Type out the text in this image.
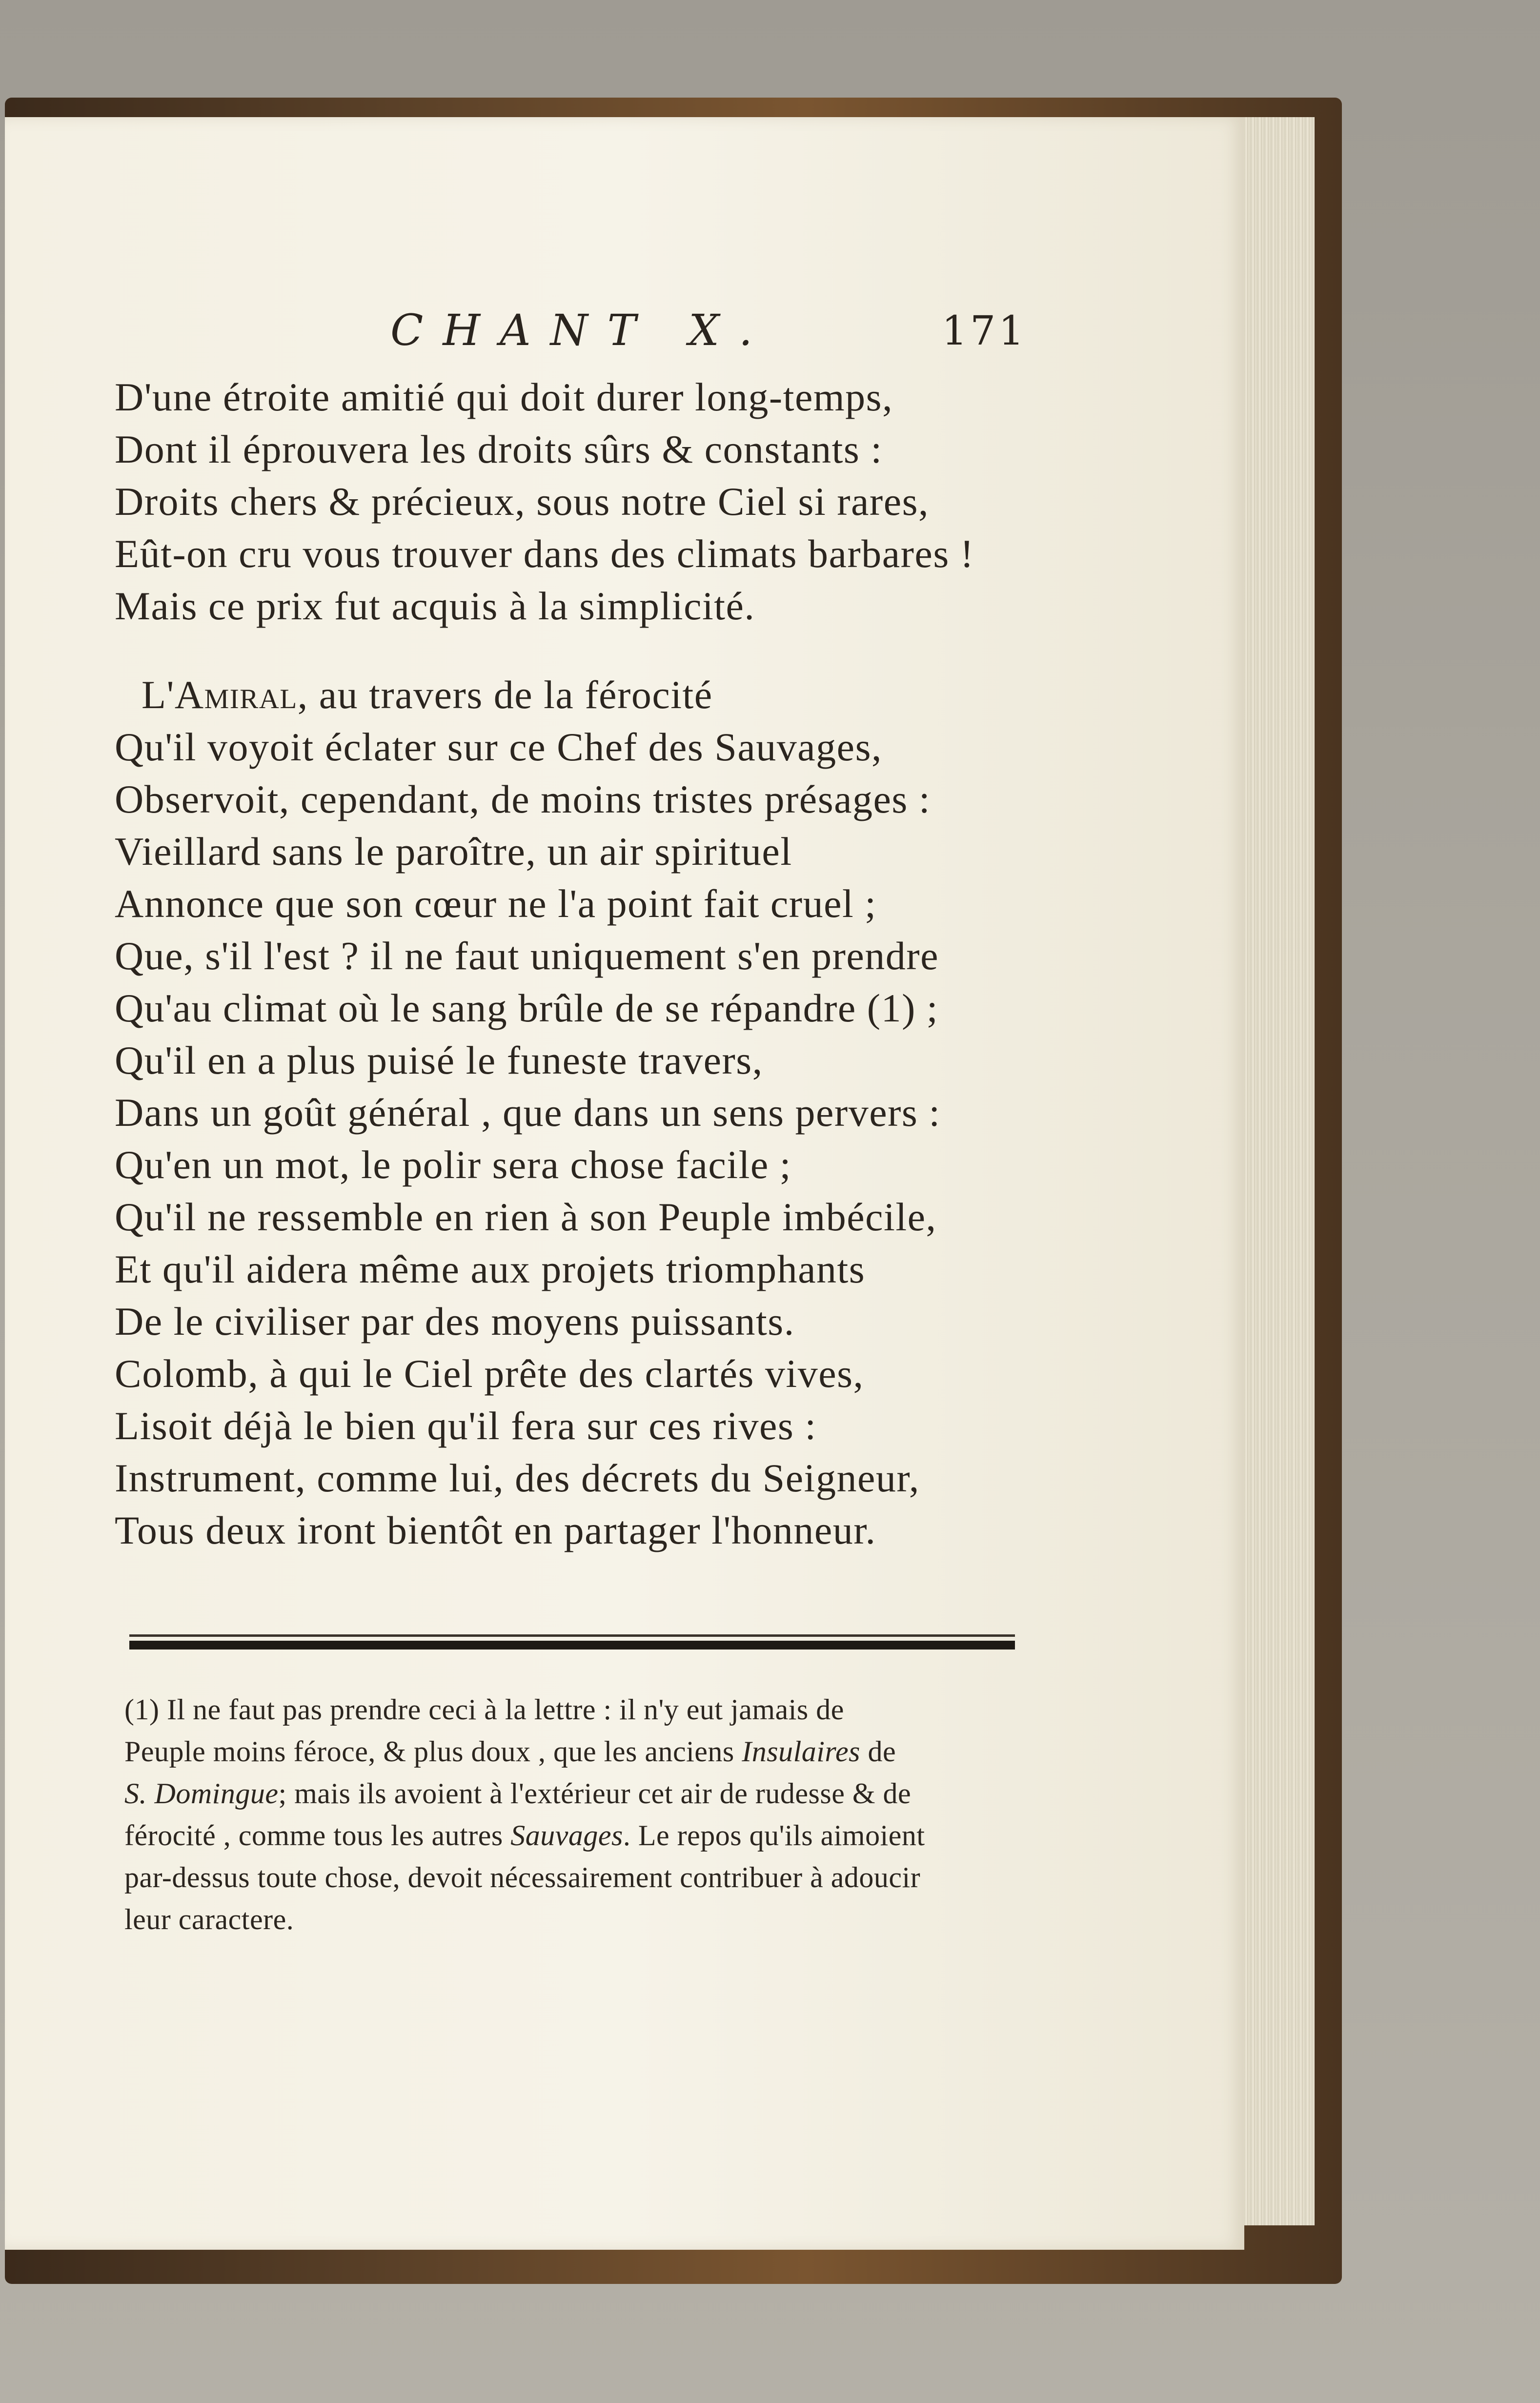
CHANT X.	171
D'une étroite amitié qui doit durer long-temps,
Dont il éprouvera les droits sûrs & constants :
Droits chers & précieux, sous notre Ciel si rares,
Eût-on cru vous trouver dans des climats barbares !
Mais ce prix fut acquis à la simplicité.
L'Amiral, au travers de la férocité
Qu'il voyoit éclater sur ce Chef des Sauvages,
Observoit, cependant, de moins tristes présages :
Vieillard sans le paroître, un air spirituel
Annonce que son cœur ne l'a point fait cruel ;
Que, s'il l'est ? il ne faut uniquement s'en prendre
Qu'au climat où le sang brûle de se répandre (1) ;
Qu'il en a plus puisé le funeste travers,
Dans un goût général , que dans un sens pervers :
Qu'en un mot, le polir sera chose facile ;
Qu'il ne ressemble en rien à son Peuple imbécile,
Et qu'il aidera même aux projets triomphants
De le civiliser par des moyens puissants.
Colomb, à qui le Ciel prête des clartés vives,
Lisoit déjà le bien qu'il fera sur ces rives :
Instrument, comme lui, des décrets du Seigneur,
Tous deux iront bientôt en partager l'honneur.
(1) Il ne faut pas prendre ceci à la lettre : il n'y eut jamais de
Peuple moins féroce, & plus doux , que les anciens Insulaires de
S. Domingue; mais ils avoient à l'extérieur cet air de rudesse & de
férocité , comme tous les autres Sauvages. Le repos qu'ils aimoient
par-dessus toute chose, devoit nécessairement contribuer à adoucir
leur caractere.
